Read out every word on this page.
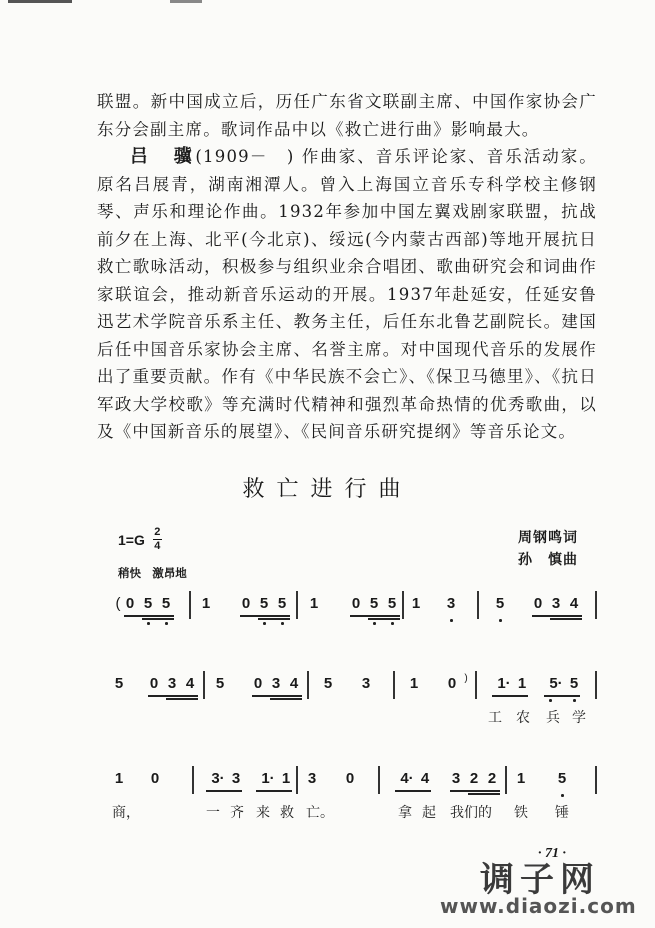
联盟。新中国成立后，历任广东省文联副主席、中国作家协会广东分会副主席。歌词作品中以《救亡进行曲》影响最大。

吕　骥(1909－　) 作曲家、音乐评论家、音乐活动家。原名吕展青，湖南湘潭人。曾入上海国立音乐专科学校主修钢琴、声乐和理论作曲。1932年参加中国左翼戏剧家联盟，抗战前夕在上海、北平(今北京)、绥远(今内蒙古西部)等地开展抗日救亡歌咏活动，积极参与组织业余合唱团、歌曲研究会和词曲作家联谊会，推动新音乐运动的开展。1937年赴延安，任延安鲁迅艺术学院音乐系主任、教务主任，后任东北鲁艺副院长。建国后任中国音乐家协会主席、名誉主席。对中国现代音乐的发展作出了重要贡献。作有《中华民族不会亡》、《保卫马德里》、《抗日军政大学校歌》等充满时代精神和强烈革命热情的优秀歌曲，以及《中国新音乐的展望》、《民间音乐研究提纲》等音乐论文。

救亡进行曲
$1=G \frac{2}{4}$
稍快 激昂地
周钢鸣词
孙　慎曲
( 0 5 5 1 0 5 5 1 0 5 5 1 3	5 0 3 4
5 0 3 4 5 0 3 4 5 3	1 0 )	1· 1	5· 5
工 农 兵 学
1 0	3· 3	1· 1 3 0	4· 4 3 2 2 1 5
商，	一 齐 来 救 亡。	拿 起 我们的 铁 锤
· 71 ·
调子网
www.diaozi.com
